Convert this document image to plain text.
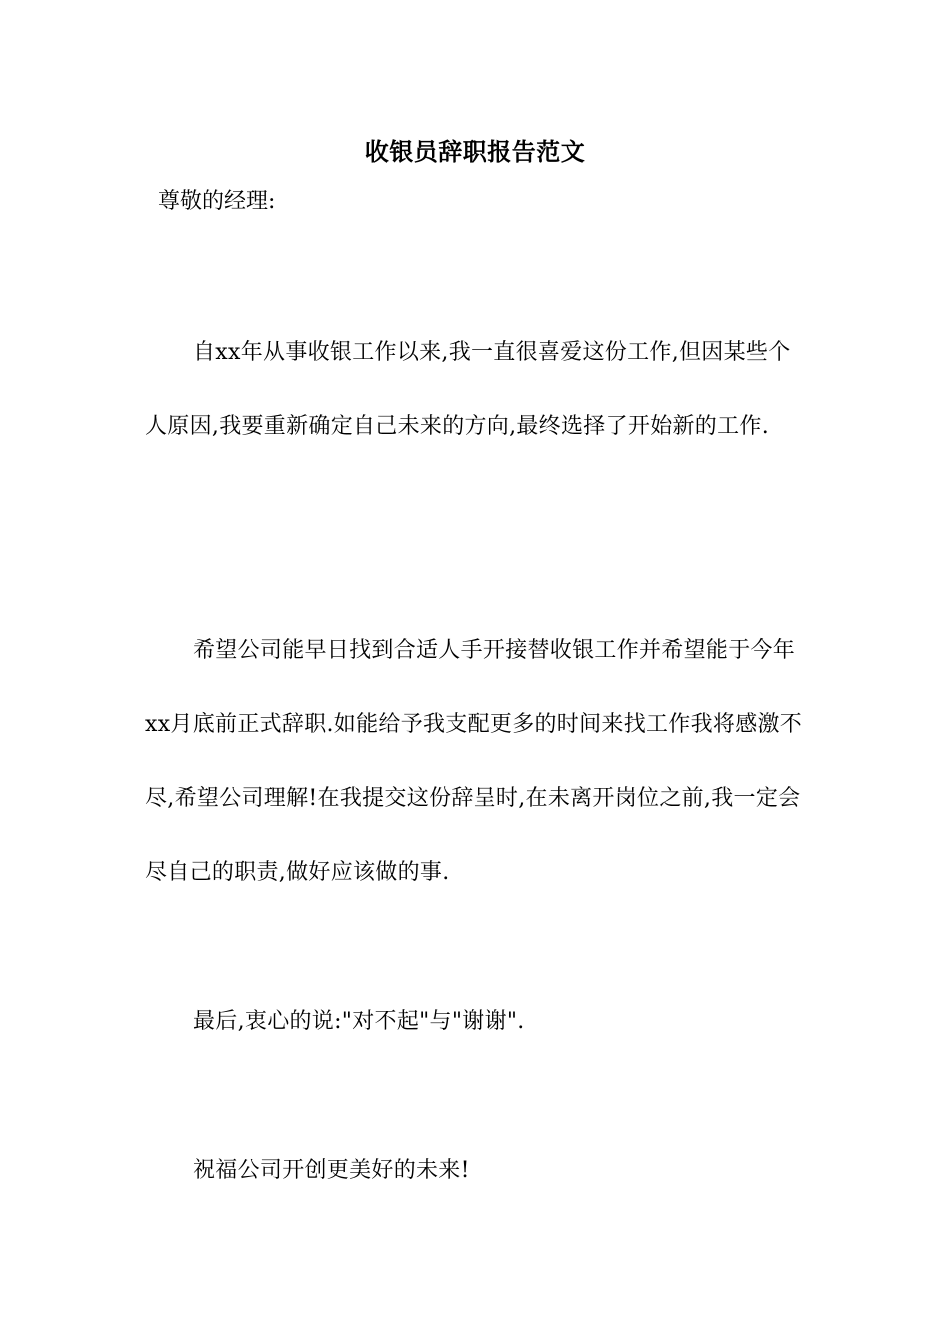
收银员辞职报告范文
尊敬的经理:

自xx年从事收银工作以来,我一直很喜爱这份工作,但因某些个人原因,我要重新确定自己未来的方向,最终选择了开始新的工作.

希望公司能早日找到合适人手开接替收银工作并希望能于今年xx月底前正式辞职.如能给予我支配更多的时间来找工作我将感激不尽,希望公司理解!在我提交这份辞呈时,在未离开岗位之前,我一定会尽自己的职责,做好应该做的事.

最后,衷心的说:"对不起"与"谢谢".

祝福公司开创更美好的未来!
